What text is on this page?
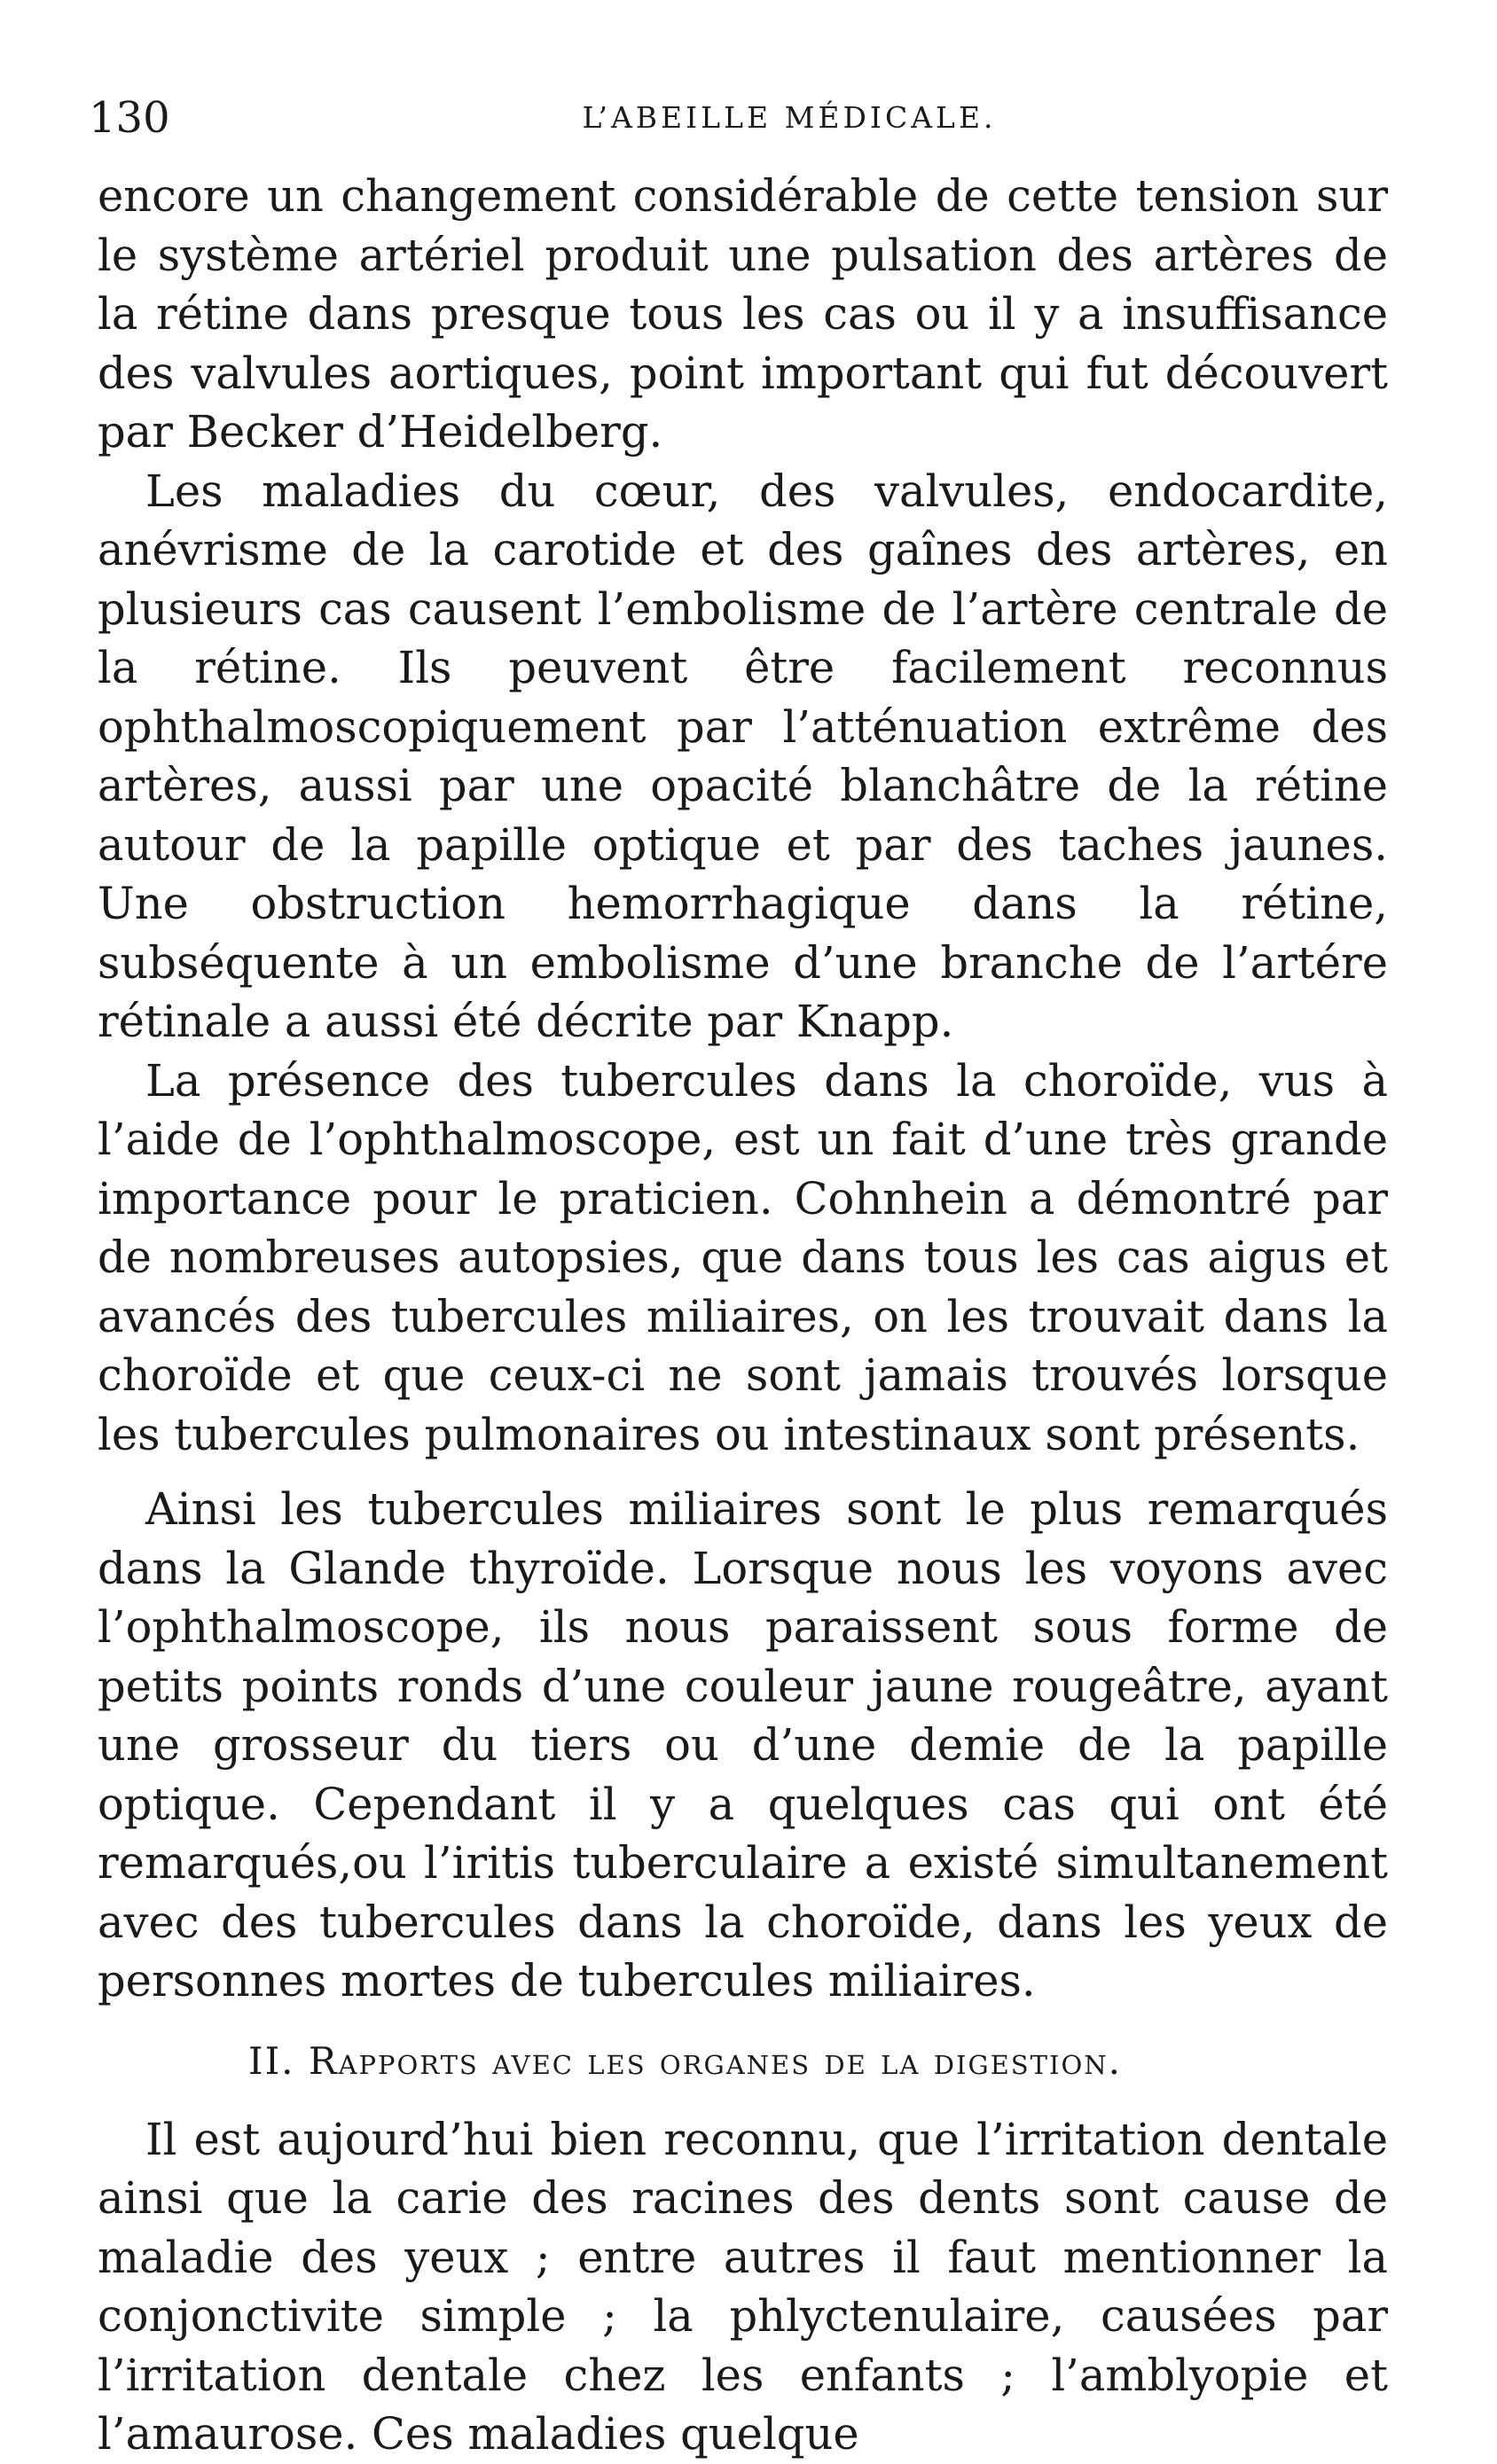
130	L’ABEILLE MÉDICALE.

encore un changement considérable de cette tension sur le système artériel produit une pulsation des artères de la rétine dans presque tous les cas ou il y a insuffisance des valvules aortiques, point important qui fut découvert par Becker d’Heidelberg.

Les maladies du cœur, des valvules, endocardite, anévrisme de la carotide et des gaînes des artères, en plusieurs cas causent l’embolisme de l’artère centrale de la rétine. Ils peuvent être facilement reconnus ophthalmoscopiquement par l’atténuation extrême des artères, aussi par une opacité blanchâtre de la rétine autour de la papille optique et par des taches jaunes. Une obstruction hemorrhagique dans la rétine, subséquente à un embolisme d’une branche de l’artére rétinale a aussi été décrite par Knapp.

La présence des tubercules dans la choroïde, vus à l’aide de l’ophthalmoscope, est un fait d’une très grande importance pour le praticien. Cohnhein a démontré par de nombreuses autopsies, que dans tous les cas aigus et avancés des tubercules miliaires, on les trouvait dans la choroïde et que ceux-ci ne sont jamais trouvés lorsque les tubercules pulmonaires ou intestinaux sont présents.

Ainsi les tubercules miliaires sont le plus remarqués dans la Glande thyroïde. Lorsque nous les voyons avec l’ophthalmoscope, ils nous paraissent sous forme de petits points ronds d’une couleur jaune rougeâtre, ayant une grosseur du tiers ou d’une demie de la papille optique. Cependant il y a quelques cas qui ont été remarqués,ou l’iritis tuberculaire a existé simultanement avec des tubercules dans la choroïde, dans les yeux de personnes mortes de tubercules miliaires.

II. Rapports avec les organes de la digestion.

Il est aujourd’hui bien reconnu, que l’irritation dentale ainsi que la carie des racines des dents sont cause de maladie des yeux ; entre autres il faut mentionner la conjonctivite simple ; la phlyctenulaire, causées par l’irritation dentale chez les enfants ; l’amblyopie et l’amaurose. Ces maladies quelque
